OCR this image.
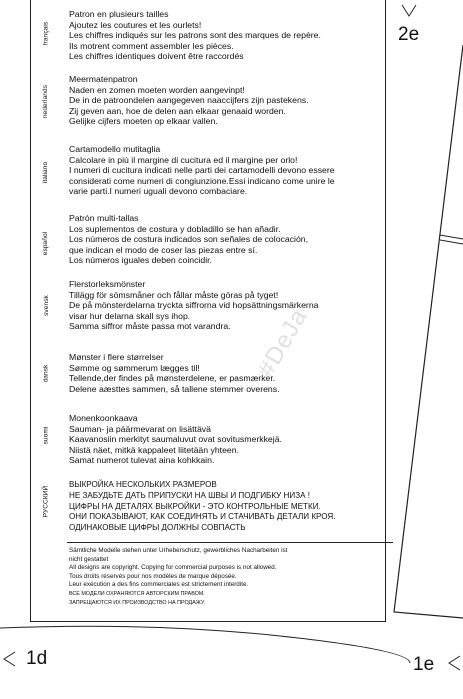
2e
1d	1e
français
Patron en plusieurs tailles
Ajoutez les coutures et les ourlets!
Les chiffres indiqués sur les patrons sont des marques de repère.
Ils motrent comment assembler les pièces.
Les chiffres identiques doivent être raccordés
nederlands
Meermatenpatron
Naden en zomen moeten worden aangevinpt!
De in de patroondelen aangegeven naaccijfers zijn pastekens.
Zij geven aan, hoe de delen aan elkaar genaaid worden.
Gelijke cijfers moeten op elkaar vallen.
italiano
Cartamodello mutitaglia
Calcolare in più il margine di cucitura ed il margine per orlo!
I numeri di cucitura indicati nelle parti dei cartamodelli devono essere
considerati come numeri di congiunzione.Essi indicano come unire le
varie parti.I numeri uguali devono combaciare.
español
Patrón multi-tallas
Los suplementos de costura y dobladillo se han añadir.
Los números de costura indicados son señales de colocación,
que indican el modo de coser las piezas entre sí.
Los números iguales deben coincidir.
svensk
Flerstorleksmönster
Tillägg för sömsmåner och fållar måste göras på tyget!
De på mönsterdelarna tryckta siffrorna vid hopsättningsmärkerna
visar hur delarna skall sys ihop.
Samma siffror måste passa mot varandra.
dansk
Mønster i flere størrelser
Sømme og sømmerum lægges til!
Tellende,der findes på mønsterdelene, er pasmærker.
Delene aæsttes sammen, så tallene stemmer overens.
suomi
Monenkoonkaava
Sauman- ja päärmevarat on lisättävä
Kaavanosiin merkityt saumaluvut ovat sovitusmerkkejä.
Niistä näet, mitkä kappaleet liitetään yhteen.
Samat numerot tulevat aina kohkkain.
РУССКИЙ
ВЫКРОЙКА НЕСКОЛЬКИХ РАЗМЕРОВ
НЕ ЗАБУДЬТЕ ДАТЬ ПРИПУСКИ НА ШВЫ И ПОДГИБКУ НИЗА !
ЦИФРЫ НА ДЕТАЛЯХ ВЫКРОЙКИ - ЭТО КОНТРОЛЬНЫЕ МЕТКИ.
ОНИ ПОКАЗЫВАЮТ, КАК СОЕДИНЯТЬ И СТАЧИВАТЬ ДЕТАЛИ КРОЯ.
ОДИНАКОВЫЕ ЦИФРЫ ДОЛЖНЫ СОВПАСТЬ
Sämtliche Modelle stehen unter Urheberschutz, gewerbliches Nacharbeiten ist
nicht gestattet
All designs are copyright. Copying for commercial purposes is not allowed.
Tous droits réservés pour nos modèles de marque déposée.
Leur exécution a des fins commerciales est strictement interdite.
ВСЕ МОДЕЛИ ОХРАНЯЮТСЯ АВТОРСКИМ ПРАВОМ.
ЗАПРЕЩАЮТСЯ ИХ ПРОИЗВОДСТВО НА ПРОДАЖУ.
#DeJa
